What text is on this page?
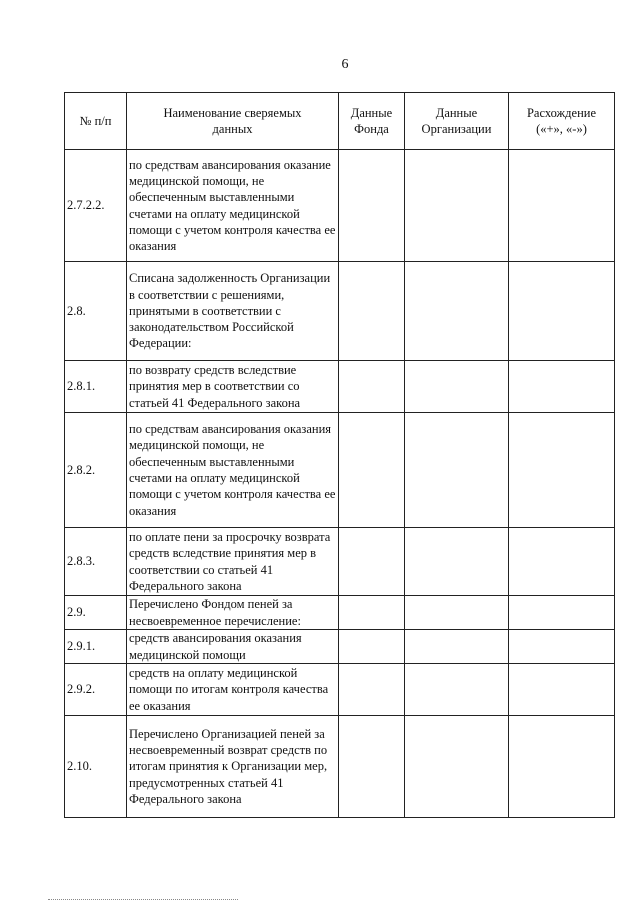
6
№ п/п	Наименование сверяемых данных	Данные Фонда	Данные Организации	Расхождение («+», «-»)
2.7.2.2.	по средствам авансирования оказание медицинской помощи, не обеспеченным выставленными счетами на оплату медицинской помощи с учетом контроля качества ее оказания			
2.8.	Списана задолженность Организации в соответствии с решениями, принятыми в соответствии с законодательством Российской Федерации:			
2.8.1.	по возврату средств вследствие принятия мер в соответствии со статьей 41 Федерального закона			
2.8.2.	по средствам авансирования оказания медицинской помощи, не обеспеченным выставленными счетами на оплату медицинской помощи с учетом контроля качества ее оказания			
2.8.3.	по оплате пени за просрочку возврата средств вследствие принятия мер в соответствии со статьей 41 Федерального закона			
2.9.	Перечислено Фондом пеней за несвоевременное перечисление:			
2.9.1.	средств авансирования оказания медицинской помощи			
2.9.2.	средств на оплату медицинской помощи по итогам контроля качества ее оказания			
2.10.	Перечислено Организацией пеней за несвоевременный возврат средств по итогам принятия к Организации мер, предусмотренных статьей 41 Федерального закона			
